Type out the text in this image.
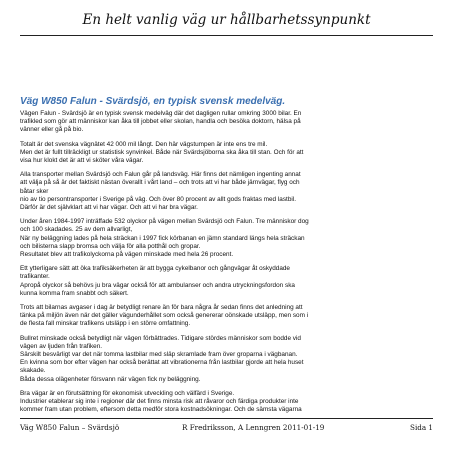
En helt vanlig väg ur hållbarhetssynpunkt
Väg W850 Falun - Svärdsjö, en typisk svensk medelväg.
Vägen Falun - Svärdsjö är en typisk svensk medelväg där det dagligen rullar omkring 3000 bilar. En
trafikled som gör att människor kan åka till jobbet eller skolan, handla och besöka doktorn, hälsa på
vänner eller gå på bio.
Totalt är det svenska vägnätet 42 000 mil långt. Den här vägstumpen är inte ens tre mil.
Men det är fullt tillräckligt ur statistisk synvinkel. Både när Svärdsjöborna ska åka till stan. Och för att
visa hur klokt det är att vi sköter våra vägar.
Alla transporter mellan Svärdsjö och Falun går på landsväg. Här finns det nämligen ingenting annat
att välja på så är det faktiskt nästan överallt i vårt land – och trots att vi har både järnvägar, flyg och
båtar sker
nio av tio persontransporter i Sverige på väg. Och över 80 procent av allt gods fraktas med lastbil.
Därför är det självklart att vi har vägar. Och att vi har bra vägar.
Under åren 1984-1997 inträffade 532 olyckor på vägen mellan Svärdsjö och Falun. Tre människor dog
och 100 skadades. 25 av dem allvarligt,
När ny beläggning lades på hela sträckan i 1997 fick körbanan en jämn standard längs hela sträckan
och bilisterna slapp bromsa och välja för alla potthål och gropar.
Resultatet blev att trafikolyckorna på vägen minskade med hela 26 procent.
Ett ytterligare sätt att öka trafiksäkerheten är att bygga cykelbanor och gångvägar åt oskyddade
trafikanter.
Apropå olyckor så behövs ju bra vägar också för att ambulanser och andra utryckningsfordon ska
kunna komma fram snabbt och säkert.
Trots att bilarnas avgaser i dag är betydligt renare än för bara några år sedan finns det anledning att
tänka på miljön även när det gäller vägunderhållet som också genererar oönskade utsläpp, men som i
de flesta fall minskar trafikens utsläpp i en större omfattning.
Bullret minskade också betydligt när vägen förbättrades. Tidigare stördes människor som bodde vid
vägen av ljuden från trafiken.
Särskilt besvärligt var det när tomma lastbilar med släp skramlade fram över groparna i vägbanan.
En kvinna som bor efter vägen har också berättat att vibrationerna från lastbilar gjorde att hela huset
skakade.
Båda dessa olägenheter försvann när vägen fick ny beläggning.
Bra vägar är en förutsättning för ekonomisk utveckling och välfärd i Sverige.
Industrier etablerar sig inte i regioner där det finns minsta risk att råvaror och färdiga produkter inte
kommer fram utan problem, eftersom detta medför stora kostnadsökningar. Och de sämsta vägarna
Väg W850 Falun – Svärdsjö	R Fredriksson, A Lenngren 2011-01-19	Sida 1
